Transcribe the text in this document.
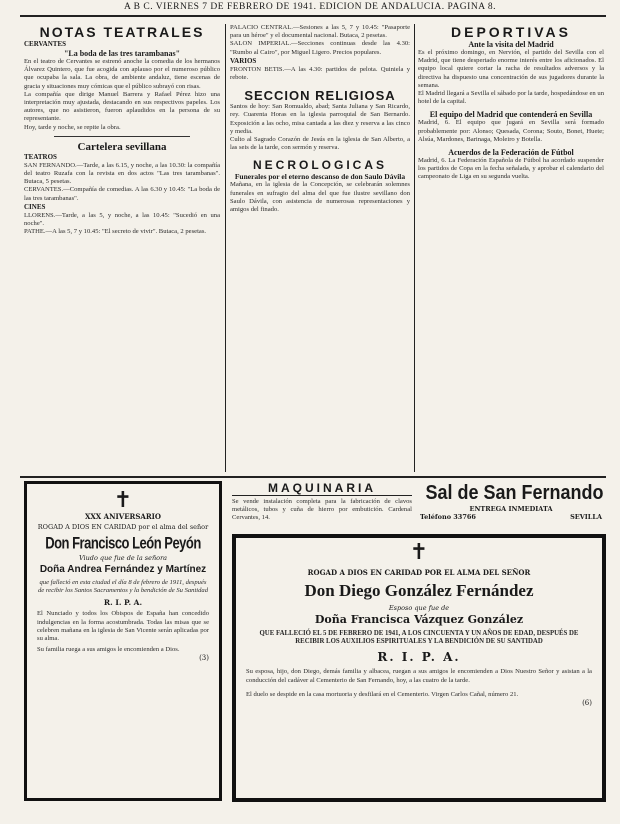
A B C. VIERNES 7 DE FEBRERO DE 1941. EDICION DE ANDALUCIA. PAGINA 8.
NOTAS TEATRALES
CERVANTES
"La boda de las tres tarambanas"
En el teatro de Cervantes se estrenó anoche la comedia de los hermanos Álvarez Quintero, que fue acogida con aplauso por el numeroso público que ocupaba la sala. La obra, de ambiente andaluz, tiene escenas de gracia y situaciones muy cómicas que el público subrayó con risas.
La compañía que dirige Manuel Barrera y Rafael Pérez hizo una interpretación muy ajustada, destacando en sus respectivos papeles. Los autores, que no asistieron, fueron aplaudidos en la persona de su representante.
Hoy, tarde y noche, se repite la obra.
Cartelera sevillana
TEATROS
SAN FERNANDO.—Tarde, a las 6.15, y noche, a las 10.30: la compañía del teatro Ruzafa con la revista en dos actos "Las tres tarambanas". Butaca, 5 pesetas.
CERVANTES.—Compañía de comedias. A las 6.30 y 10.45: "La boda de las tres tarambanas".
CINES
LLORENS.—Tarde, a las 5, y noche, a las 10.45: "Sucedió en una noche".
PATHE.—A las 5, 7 y 10.45: "El secreto de vivir". Butaca, 2 pesetas.
PALACIO CENTRAL.—Sesiones a las 5, 7 y 10.45: "Pasaporte para un héroe" y el documental nacional. Butaca, 2 pesetas.
SALON IMPERIAL.—Secciones continuas desde las 4.30: "Rumbo al Cairo", por Miguel Ligero. Precios populares.
VARIOS
FRONTON BETIS.—A las 4.30: partidos de pelota. Quiniela y rebote.
SECCION RELIGIOSA
Santos de hoy: San Romualdo, abad; Santa Juliana y San Ricardo, rey. Cuarenta Horas en la iglesia parroquial de San Bernardo. Exposición a las ocho, misa cantada a las diez y reserva a las cinco y media.
Culto al Sagrado Corazón de Jesús en la iglesia de San Alberto, a las seis de la tarde, con sermón y reserva.
NECROLOGICAS
Funerales por el eterno descanso de don Saulo Dávila
Mañana, en la iglesia de la Concepción, se celebrarán solemnes funerales en sufragio del alma del que fue ilustre sevillano don Saulo Dávila, con asistencia de numerosas representaciones y amigos del finado.
DEPORTIVAS
Ante la visita del Madrid
Es el próximo domingo, en Nervión, el partido del Sevilla con el Madrid, que tiene despertado enorme interés entre los aficionados. El equipo local quiere cortar la racha de resultados adversos y la directiva ha dispuesto una concentración de sus jugadores durante la semana.
El Madrid llegará a Sevilla el sábado por la tarde, hospedándose en un hotel de la capital.
El equipo del Madrid que contenderá en Sevilla
Madrid, 6. El equipo que jugará en Sevilla será formado probablemente por: Alonso; Quesada, Corona; Souto, Bonet, Huete; Alsúa, Mardones, Barinaga, Moleiro y Botella.
Acuerdos de la Federación de Fútbol
Madrid, 6. La Federación Española de Fútbol ha acordado suspender los partidos de Copa en la fecha señalada, y aprobar el calendario del campeonato de Liga en su segunda vuelta.
✝
XXX ANIVERSARIO
ROGAD A DIOS EN CARIDAD por el alma del señor
Don Francisco León Peyón
Viudo que fue de la señora
Doña Andrea Fernández y Martínez
que falleció en esta ciudad el día 8 de febrero de 1911, después de recibir los Santos Sacramentos y la bendición de Su Santidad
R. I. P. A.
El Nunciado y todos los Obispos de España han concedido indulgencias en la forma acostumbrada. Todas las misas que se celebren mañana en la iglesia de San Vicente serán aplicadas por su alma.
Su familia ruega a sus amigos le encomienden a Dios.
(3)
MAQUINARIA
Se vende instalación completa para la fabricación de clavos metálicos, tubos y cuña de hierro por embutición. Cardenal Cervantes, 14.
Sal de San Fernando
ENTREGA INMEDIATA
Teléfono 33766	SEVILLA
✝
ROGAD A DIOS EN CARIDAD POR EL ALMA DEL SEÑOR
Don Diego González Fernández
Esposo que fue de
Doña Francisca Vázquez González
QUE FALLECIÓ EL 5 DE FEBRERO DE 1941, A LOS CINCUENTA Y UN AÑOS DE EDAD, DESPUÉS DE RECIBIR LOS AUXILIOS ESPIRITUALES Y LA BENDICIÓN DE SU SANTIDAD
R. I. P. A.
Su esposa, hijo, don Diego, demás familia y albacea, ruegan a sus amigos le encomienden a Dios Nuestro Señor y asistan a la conducción del cadáver al Cementerio de San Fernando, hoy, a las cuatro de la tarde.
El duelo se despide en la casa mortuoria y desfilará en el Cementerio. Virgen Carlos Cañal, número 21.
(6)
